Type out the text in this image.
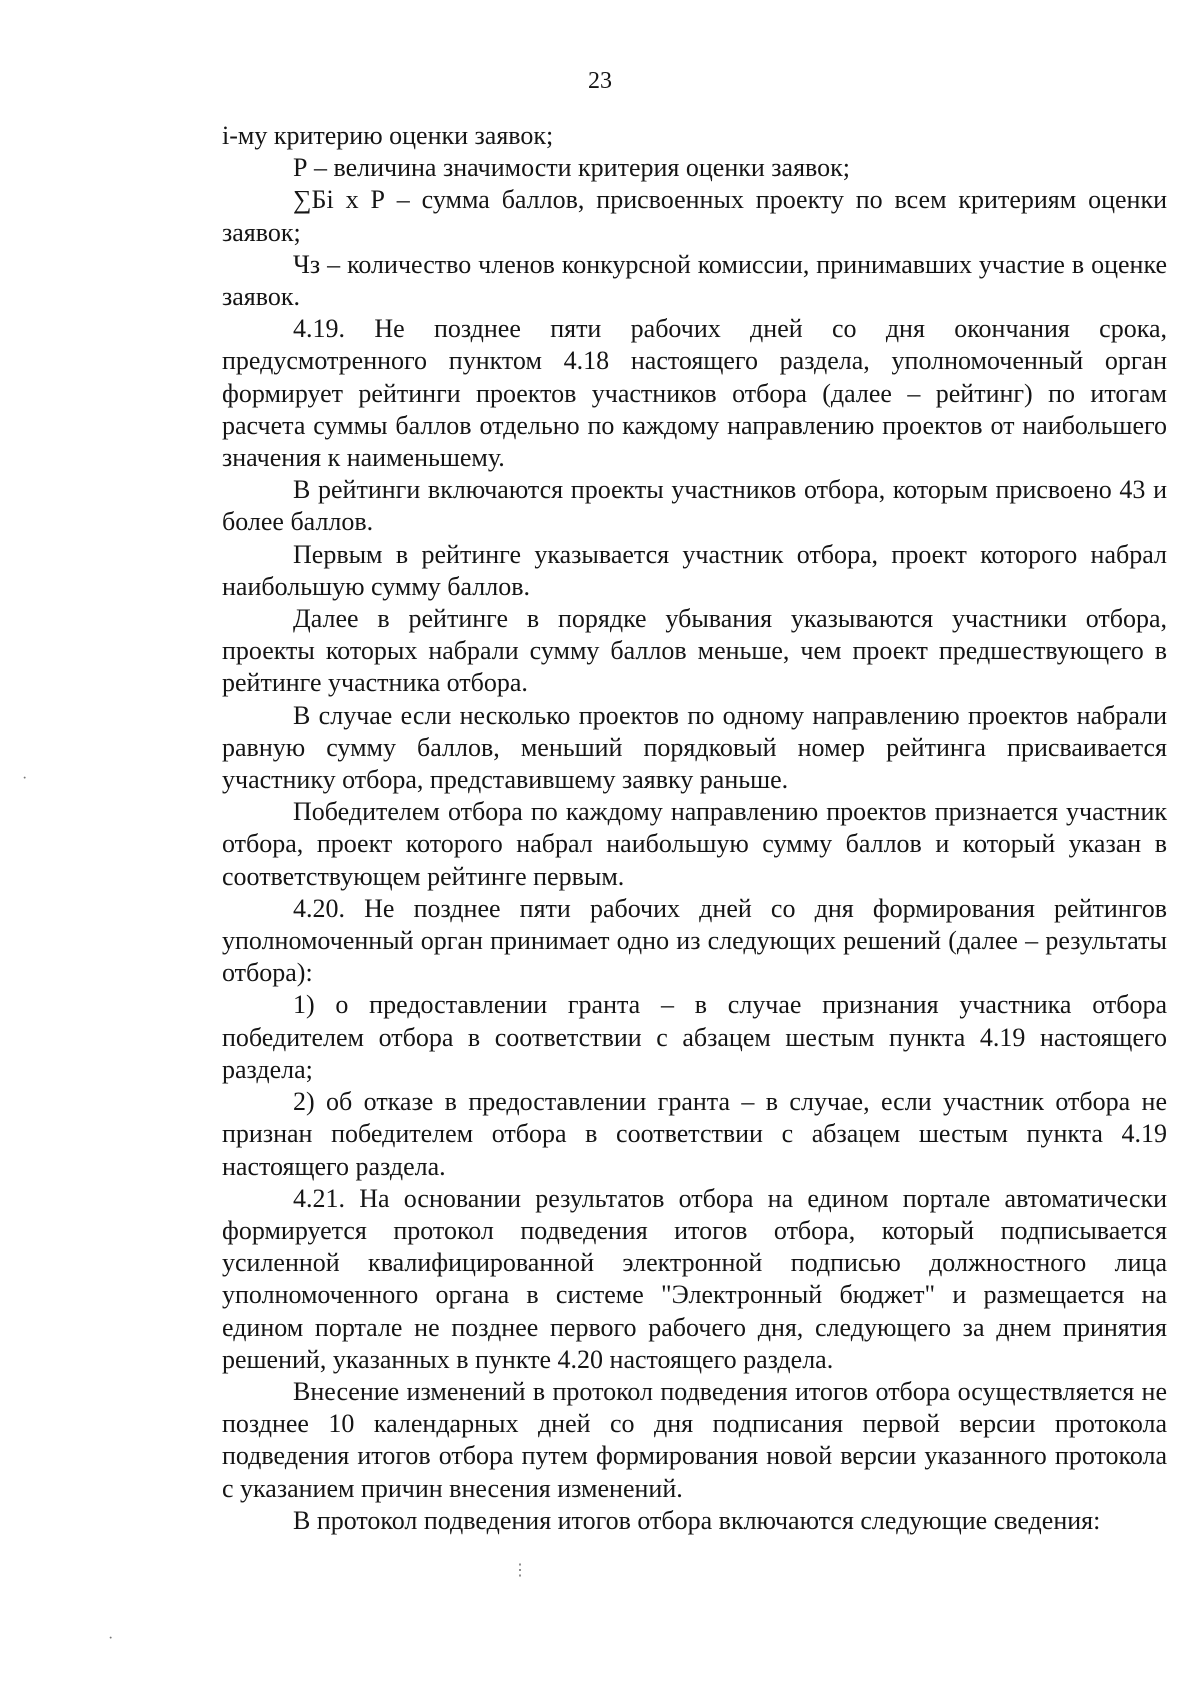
23

i-му критерию оценки заявок;

Р – величина значимости критерия оценки заявок;

∑Бi х Р – сумма баллов, присвоенных проекту по всем критериям оценки заявок;

Чз – количество членов конкурсной комиссии, принимавших участие в оценке заявок.

4.19. Не позднее пяти рабочих дней со дня окончания срока, предусмотренного пунктом 4.18 настоящего раздела, уполномоченный орган формирует рейтинги проектов участников отбора (далее – рейтинг) по итогам расчета суммы баллов отдельно по каждому направлению проектов от наибольшего значения к наименьшему.

В рейтинги включаются проекты участников отбора, которым присвоено 43 и более баллов.

Первым в рейтинге указывается участник отбора, проект которого набрал наибольшую сумму баллов.

Далее в рейтинге в порядке убывания указываются участники отбора, проекты которых набрали сумму баллов меньше, чем проект предшествующего в рейтинге участника отбора.

В случае если несколько проектов по одному направлению проектов набрали равную сумму баллов, меньший порядковый номер рейтинга присваивается участнику отбора, представившему заявку раньше.

Победителем отбора по каждому направлению проектов признается участник отбора, проект которого набрал наибольшую сумму баллов и который указан в соответствующем рейтинге первым.

4.20. Не позднее пяти рабочих дней со дня формирования рейтингов уполномоченный орган принимает одно из следующих решений (далее – результаты отбора):

1) о предоставлении гранта – в случае признания участника отбора победителем отбора в соответствии с абзацем шестым пункта 4.19 настоящего раздела;

2) об отказе в предоставлении гранта – в случае, если участник отбора не признан победителем отбора в соответствии с абзацем шестым пункта 4.19 настоящего раздела.

4.21. На основании результатов отбора на едином портале автоматически формируется протокол подведения итогов отбора, который подписывается усиленной квалифицированной электронной подписью должностного лица уполномоченного органа в системе "Электронный бюджет" и размещается на едином портале не позднее первого рабочего дня, следующего за днем принятия решений, указанных в пункте 4.20 настоящего раздела.

Внесение изменений в протокол подведения итогов отбора осуществляется не позднее 10 календарных дней со дня подписания первой версии протокола подведения итогов отбора путем формирования новой версии указанного протокола с указанием причин внесения изменений.

В протокол подведения итогов отбора включаются следующие сведения:

⋮
·
·
